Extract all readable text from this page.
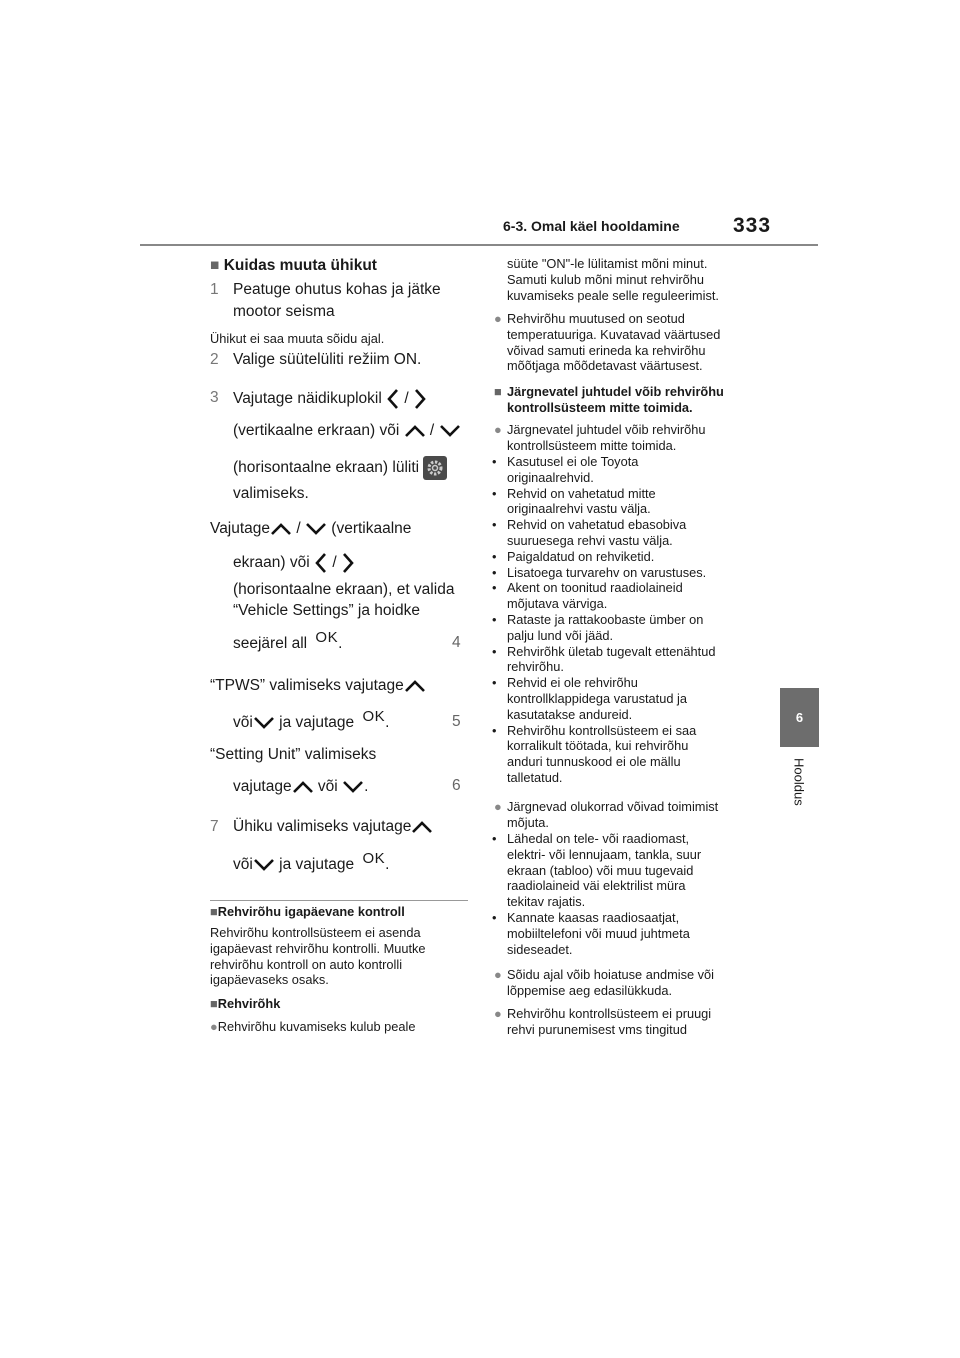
6-3. Omal käel hooldamine	333
6
Hooldus
■ Kuidas muuta ühikut
1 Peatuge ohutus kohas ja jätke
mootor seisma
Ühikut ei saa muuta sõidu ajal.
2 Valige süütelüliti režiim ON.
3 Vajutage näidikuplokil /
(vertikaalne erkraan) või /
(horisontaalne ekraan) lüliti
valimiseks.
Vajutage / (vertikaalne
ekraan) või /
(horisontaalne ekraan), et valida
“Vehicle Settings” ja hoidke
seejärel all OK.	4
“TPWS” valimiseks vajutage
või ja vajutage OK.	5
“Setting Unit” valimiseks
vajutage või .	6
7 Ühiku valimiseks vajutage
või ja vajutage OK.
■Rehvirõhu igapäevane kontroll
Rehvirõhu kontrollsüsteem ei asenda
igapäevast rehvirõhu kontrolli. Muutke
rehvirõhu kontroll on auto kontrolli
igapäevaseks osaks.
■Rehvirõhk
●Rehvirõhu kuvamiseks kulub peale
süüte "ON"-le lülitamist mõni minut.
Samuti kulub mõni minut rehvirõhu
kuvamiseks peale selle reguleerimist.
● Rehvirõhu muutused on seotud
temperatuuriga. Kuvatavad väärtused
võivad samuti erineda ka rehvirõhu
mõõtjaga mõõdetavast väärtusest.
■ Järgnevatel juhtudel võib rehvirõhu
kontrollsüsteem mitte toimida.
● Järgnevatel juhtudel võib rehvirõhu
kontrollsüsteem mitte toimida.
• Kasutusel ei ole Toyota
originaalrehvid.
• Rehvid on vahetatud mitte
originaalrehvi vastu välja.
• Rehvid on vahetatud ebasobiva
suuruesega rehvi vastu välja.
• Paigaldatud on rehviketid.
• Lisatoega turvarehv on varustuses.
• Akent on toonitud raadiolaineid
mõjutava värviga.
• Rataste ja rattakoobaste ümber on
palju lund või jääd.
• Rehvirõhk ületab tugevalt ettenähtud
rehvirõhu.
• Rehvid ei ole rehvirõhu
kontrollklappidega varustatud ja
kasutatakse andureid.
• Rehvirõhu kontrollsüsteem ei saa
korralikult töötada, kui rehvirõhu
anduri tunnuskood ei ole mällu
talletatud.
● Järgnevad olukorrad võivad toimimist
mõjuta.
• Lähedal on tele- või raadiomast,
elektri- või lennujaam, tankla, suur
ekraan (tabloo) või muu tugevaid
raadiolaineid väi elektrilist müra
tekitav rajatis.
• Kannate kaasas raadiosaatjat,
mobiiltelefoni või muud juhtmeta
sideseadet.
● Sõidu ajal võib hoiatuse andmise või
lõppemise aeg edasilükkuda.
● Rehvirõhu kontrollsüsteem ei pruugi
rehvi purunemisest vms tingitud
